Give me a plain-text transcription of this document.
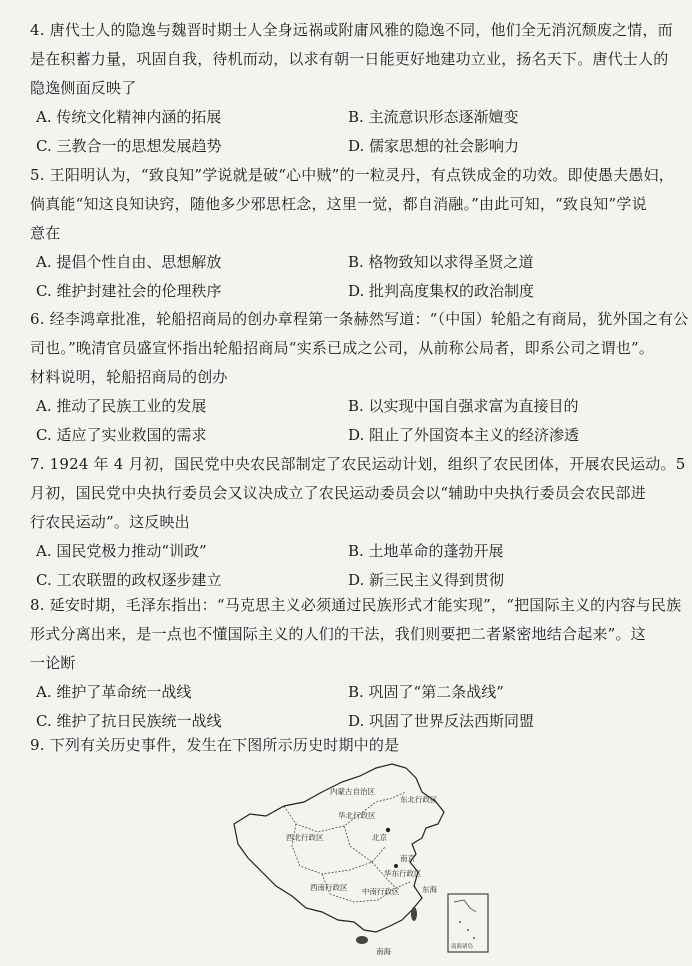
4. 唐代士人的隐逸与魏晋时期士人全身远祸或附庸风雅的隐逸不同，他们全无消沉颓废之情，而
是在积蓄力量，巩固自我，待机而动，以求有朝一日能更好地建功立业，扬名天下。唐代士人的
隐逸侧面反映了
A. 传统文化精神内涵的拓展	B. 主流意识形态逐渐嬗变
C. 三教合一的思想发展趋势	D. 儒家思想的社会影响力
5. 王阳明认为，“致良知”学说就是破“心中贼”的一粒灵丹，有点铁成金的功效。即使愚夫愚妇，
倘真能“知这良知诀窍，随他多少邪思枉念，这里一觉，都自消融。”由此可知，“致良知”学说
意在
A. 提倡个性自由、思想解放	B. 格物致知以求得圣贤之道
C. 维护封建社会的伦理秩序	D. 批判高度集权的政治制度
6. 经李鸿章批准，轮船招商局的创办章程第一条赫然写道：“（中国）轮船之有商局，犹外国之有公
司也。”晚清官员盛宣怀指出轮船招商局“实系已成之公司，从前称公局者，即系公司之谓也”。
材料说明，轮船招商局的创办
A. 推动了民族工业的发展	B. 以实现中国自强求富为直接目的
C. 适应了实业救国的需求	D. 阻止了外国资本主义的经济渗透
7. 1924 年 4 月初，国民党中央农民部制定了农民运动计划，组织了农民团体，开展农民运动。5
月初，国民党中央执行委员会又议决成立了农民运动委员会以“辅助中央执行委员会农民部进
行农民运动”。这反映出
A. 国民党极力推动“训政”	B. 土地革命的蓬勃开展
C. 工农联盟的政权逐步建立	D. 新三民主义得到贯彻
8. 延安时期，毛泽东指出：“马克思主义必须通过民族形式才能实现”，“把国际主义的内容与民族
形式分离出来，是一点也不懂国际主义的人们的干法，我们则要把二者紧密地结合起来”。这
一论断
A. 维护了革命统一战线	B. 巩固了“第二条战线”
C. 维护了抗日民族统一战线	D. 巩固了世界反法西斯同盟
9. 下列有关历史事件，发生在下图所示历史时期中的是
内蒙古自治区
东北行政区
华北行政区
西北行政区	北京
南京
华东行政区
中南行政区
西南行政区	东海
南海	南海诸岛
